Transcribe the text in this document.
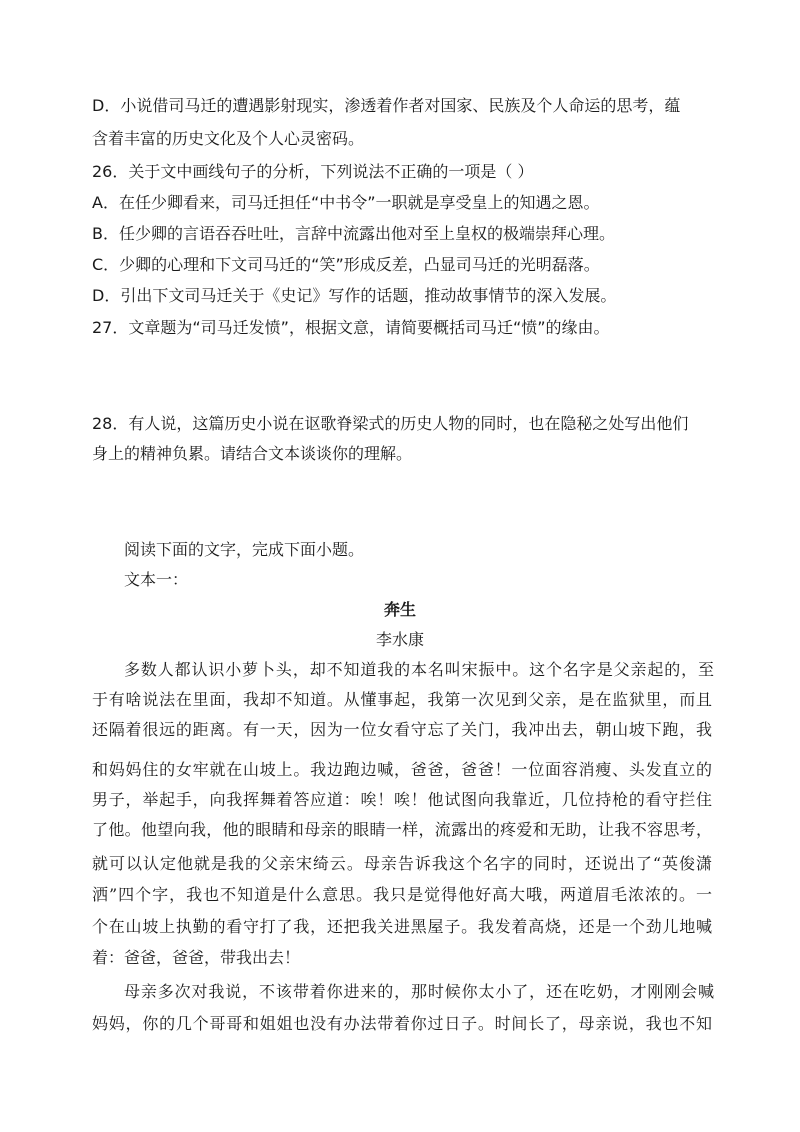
D．小说借司马迁的遭遇影射现实，渗透着作者对国家、民族及个人命运的思考，蕴
含着丰富的历史文化及个人心灵密码。
26．关于文中画线句子的分析，下列说法不正确的一项是（ ）
A．在任少卿看来，司马迁担任“中书令”一职就是享受皇上的知遇之恩。
B．任少卿的言语吞吞吐吐，言辞中流露出他对至上皇权的极端崇拜心理。
C．少卿的心理和下文司马迁的“笑”形成反差，凸显司马迁的光明磊落。
D．引出下文司马迁关于《史记》写作的话题，推动故事情节的深入发展。
27．文章题为“司马迁发愤”，根据文意，请简要概括司马迁“愤”的缘由。
28．有人说，这篇历史小说在讴歌脊梁式的历史人物的同时，也在隐秘之处写出他们
身上的精神负累。请结合文本谈谈你的理解。
阅读下面的文字，完成下面小题。
文本一：
奔生
李水康
多数人都认识小萝卜头，却不知道我的本名叫宋振中。这个名字是父亲起的，至
于有啥说法在里面，我却不知道。从懂事起，我第一次见到父亲，是在监狱里，而且
还隔着很远的距离。有一天，因为一位女看守忘了关门，我冲出去，朝山坡下跑，我
和妈妈住的女牢就在山坡上。我边跑边喊，爸爸，爸爸！一位面容消瘦、头发直立的
男子，举起手，向我挥舞着答应道：唉！唉！他试图向我靠近，几位持枪的看守拦住
了他。他望向我，他的眼睛和母亲的眼睛一样，流露出的疼爱和无助，让我不容思考，
就可以认定他就是我的父亲宋绮云。母亲告诉我这个名字的同时，还说出了“英俊潇
洒”四个字，我也不知道是什么意思。我只是觉得他好高大哦，两道眉毛浓浓的。一
个在山坡上执勤的看守打了我，还把我关进黑屋子。我发着高烧，还是一个劲儿地喊
着：爸爸，爸爸，带我出去！
母亲多次对我说，不该带着你进来的，那时候你太小了，还在吃奶，才刚刚会喊
妈妈，你的几个哥哥和姐姐也没有办法带着你过日子。时间长了，母亲说，我也不知
